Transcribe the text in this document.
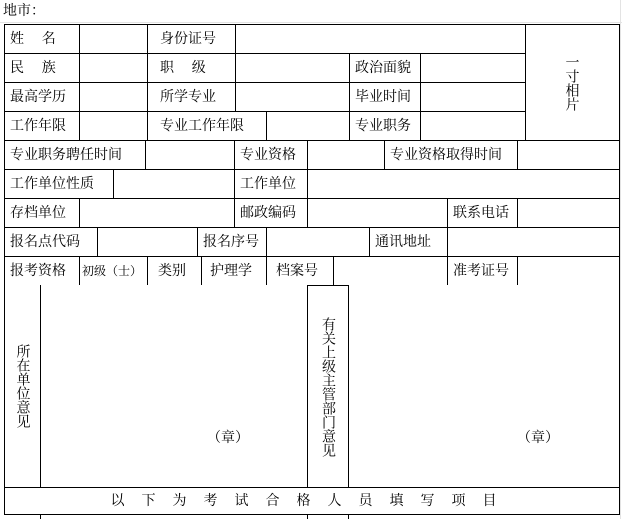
地市：
姓    名	身份证号
一寸相片
民    族	职    级	政治面貌
最高学历	所学专业	毕业时间
工作年限	专业工作年限	专业职务
专业职务聘任时间	专业资格	专业资格取得时间
工作单位性质	工作单位
存档单位	邮政编码	联系电话
报名点代码	报名序号	通讯地址
报考资格 初级（士） 类别 护理学 档案号	准考证号
所在单位意见
（章）	有关上级主管部门意见	（章）
以下为考试合格人员填写项目
